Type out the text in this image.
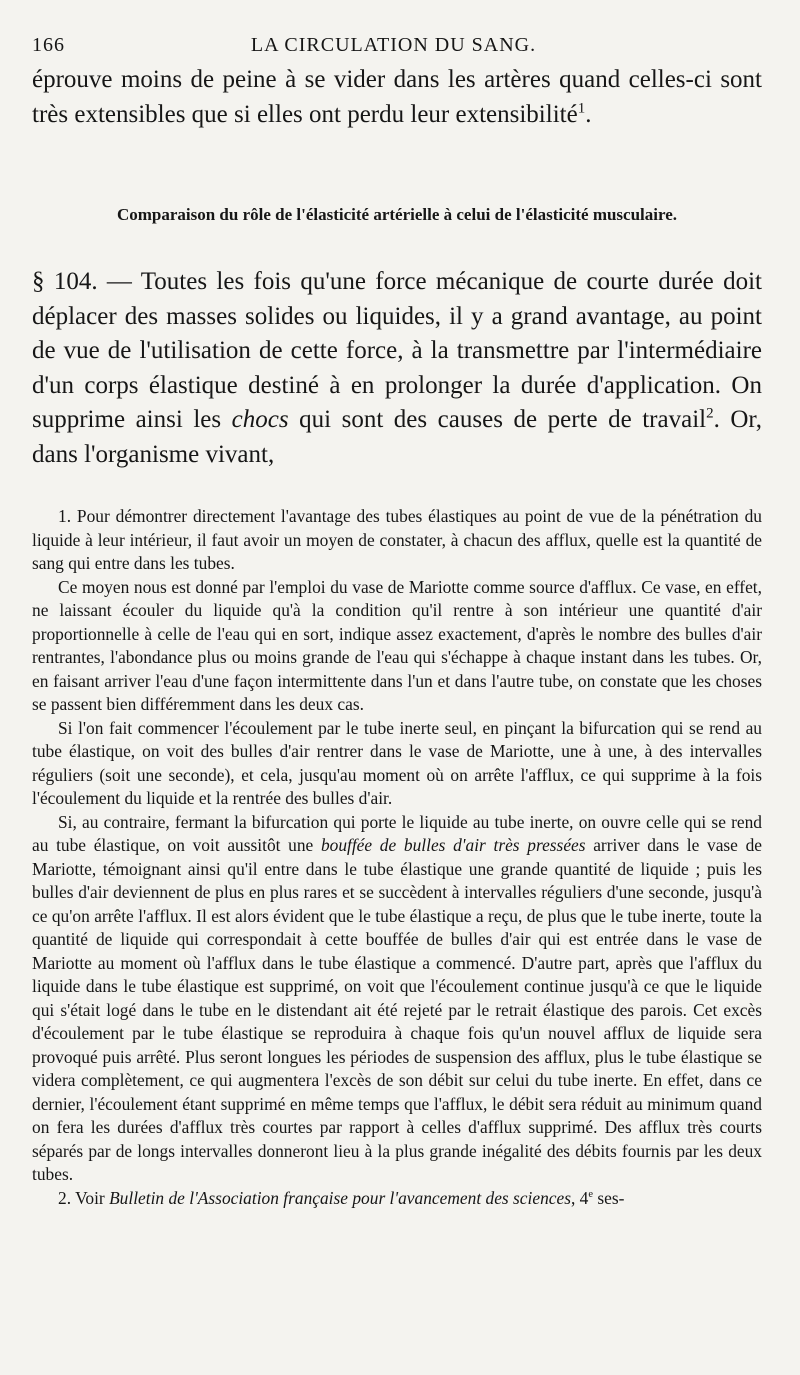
166	LA CIRCULATION DU SANG.

éprouve moins de peine à se vider dans les artères quand celles-ci sont très extensibles que si elles ont perdu leur extensibilité$^1$.

Comparaison du rôle de l'élasticité artérielle à celui de l'élasticité musculaire.

§ 104. — Toutes les fois qu'une force mécanique de courte durée doit déplacer des masses solides ou liquides, il y a grand avantage, au point de vue de l'utilisation de cette force, à la transmettre par l'intermédiaire d'un corps élastique destiné à en prolonger la durée d'application. On supprime ainsi les chocs qui sont des causes de perte de travail$^2$. Or, dans l'organisme vivant,

1. Pour démontrer directement l'avantage des tubes élastiques au point de vue de la pénétration du liquide à leur intérieur, il faut avoir un moyen de constater, à chacun des afflux, quelle est la quantité de sang qui entre dans les tubes.

Ce moyen nous est donné par l'emploi du vase de Mariotte comme source d'afflux. Ce vase, en effet, ne laissant écouler du liquide qu'à la condition qu'il rentre à son intérieur une quantité d'air proportionnelle à celle de l'eau qui en sort, indique assez exactement, d'après le nombre des bulles d'air rentrantes, l'abondance plus ou moins grande de l'eau qui s'échappe à chaque instant dans les tubes. Or, en faisant arriver l'eau d'une façon intermittente dans l'un et dans l'autre tube, on constate que les choses se passent bien différemment dans les deux cas.

Si l'on fait commencer l'écoulement par le tube inerte seul, en pinçant la bifurcation qui se rend au tube élastique, on voit des bulles d'air rentrer dans le vase de Mariotte, une à une, à des intervalles réguliers (soit une seconde), et cela, jusqu'au moment où on arrête l'afflux, ce qui supprime à la fois l'écoulement du liquide et la rentrée des bulles d'air.

Si, au contraire, fermant la bifurcation qui porte le liquide au tube inerte, on ouvre celle qui se rend au tube élastique, on voit aussitôt une bouffée de bulles d'air très pressées arriver dans le vase de Mariotte, témoignant ainsi qu'il entre dans le tube élastique une grande quantité de liquide ; puis les bulles d'air deviennent de plus en plus rares et se succèdent à intervalles réguliers d'une seconde, jusqu'à ce qu'on arrête l'afflux. Il est alors évident que le tube élastique a reçu, de plus que le tube inerte, toute la quantité de liquide qui correspondait à cette bouffée de bulles d'air qui est entrée dans le vase de Mariotte au moment où l'afflux dans le tube élastique a commencé. D'autre part, après que l'afflux du liquide dans le tube élastique est supprimé, on voit que l'écoulement continue jusqu'à ce que le liquide qui s'était logé dans le tube en le distendant ait été rejeté par le retrait élastique des parois. Cet excès d'écoulement par le tube élastique se reproduira à chaque fois qu'un nouvel afflux de liquide sera provoqué puis arrêté. Plus seront longues les périodes de suspension des afflux, plus le tube élastique se videra complètement, ce qui augmentera l'excès de son débit sur celui du tube inerte. En effet, dans ce dernier, l'écoulement étant supprimé en même temps que l'afflux, le débit sera réduit au minimum quand on fera les durées d'afflux très courtes par rapport à celles d'afflux supprimé. Des afflux très courts séparés par de longs intervalles donneront lieu à la plus grande inégalité des débits fournis par les deux tubes.

2. Voir Bulletin de l'Association française pour l'avancement des sciences, 4e ses-
